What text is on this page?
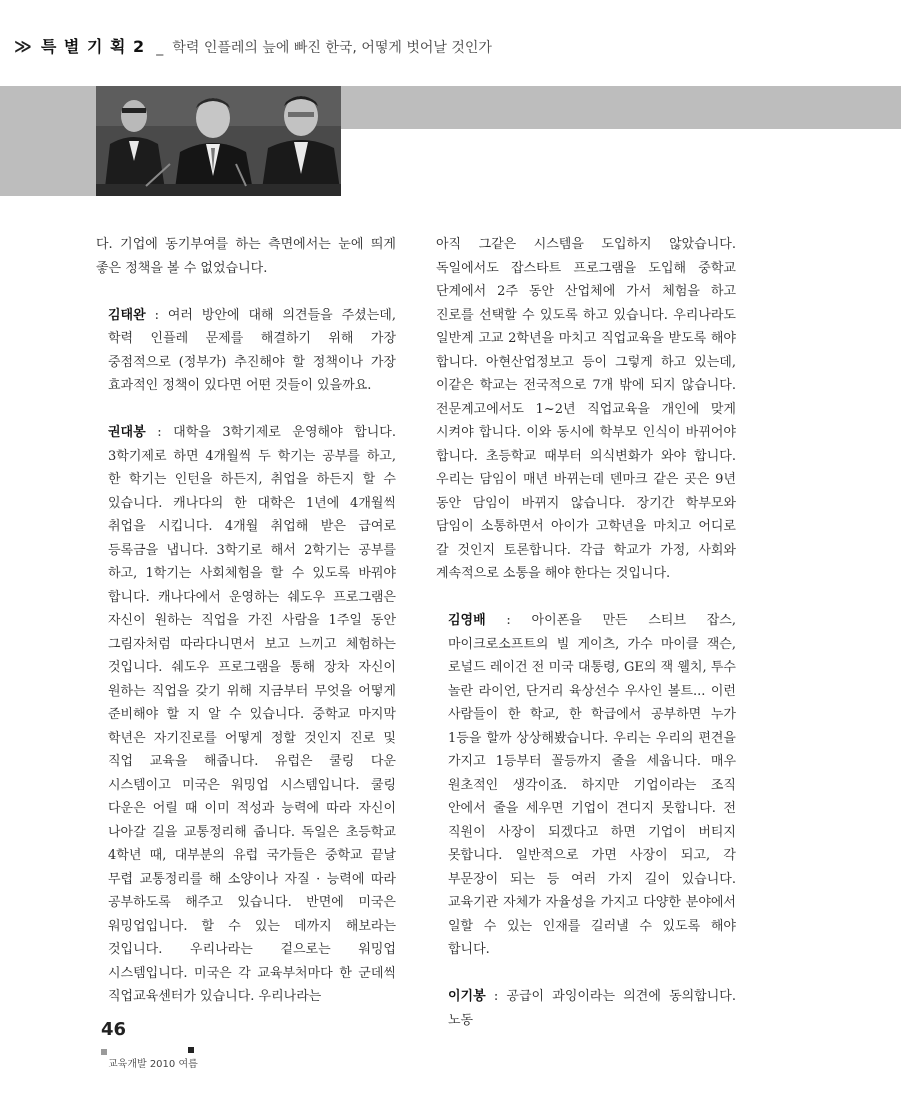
≫ 특 별 기 획 2 _ 학력 인플레의 늪에 빠진 한국, 어떻게 벗어날 것인가

다. 기업에 동기부여를 하는 측면에서는 눈에 띄게 좋은 정책을 볼 수 없었습니다.

김태완 : 여러 방안에 대해 의견들을 주셨는데, 학력 인플레 문제를 해결하기 위해 가장 중점적으로 (정부가) 추진해야 할 정책이나 가장 효과적인 정책이 있다면 어떤 것들이 있을까요.

권대봉 : 대학을 3학기제로 운영해야 합니다. 3학기제로 하면 4개월씩 두 학기는 공부를 하고, 한 학기는 인턴을 하든지, 취업을 하든지 할 수 있습니다. 캐나다의 한 대학은 1년에 4개월씩 취업을 시킵니다. 4개월 취업해 받은 급여로 등록금을 냅니다. 3학기로 해서 2학기는 공부를 하고, 1학기는 사회체험을 할 수 있도록 바꿔야 합니다. 캐나다에서 운영하는 쉐도우 프로그램은 자신이 원하는 직업을 가진 사람을 1주일 동안 그림자처럼 따라다니면서 보고 느끼고 체험하는 것입니다. 쉐도우 프로그램을 통해 장차 자신이 원하는 직업을 갖기 위해 지금부터 무엇을 어떻게 준비해야 할 지 알 수 있습니다. 중학교 마지막 학년은 자기진로를 어떻게 정할 것인지 진로 및 직업 교육을 해줍니다. 유럽은 쿨링 다운 시스템이고 미국은 워밍업 시스템입니다. 쿨링 다운은 어릴 때 이미 적성과 능력에 따라 자신이 나아갈 길을 교통정리해 줍니다. 독일은 초등학교 4학년 때, 대부분의 유럽 국가들은 중학교 끝날 무렵 교통정리를 해 소양이나 자질 · 능력에 따라 공부하도록 해주고 있습니다. 반면에 미국은 워밍업입니다. 할 수 있는 데까지 해보라는 것입니다. 우리나라는 겉으로는 워밍업 시스템입니다. 미국은 각 교육부처마다 한 군데씩 직업교육센터가 있습니다. 우리나라는

아직 그같은 시스템을 도입하지 않았습니다. 독일에서도 잡스타트 프로그램을 도입해 중학교 단계에서 2주 동안 산업체에 가서 체험을 하고 진로를 선택할 수 있도록 하고 있습니다. 우리나라도 일반계 고교 2학년을 마치고 직업교육을 받도록 해야 합니다. 아현산업정보고 등이 그렇게 하고 있는데, 이같은 학교는 전국적으로 7개 밖에 되지 않습니다. 전문계고에서도 1~2년 직업교육을 개인에 맞게 시켜야 합니다. 이와 동시에 학부모 인식이 바뀌어야 합니다. 초등학교 때부터 의식변화가 와야 합니다. 우리는 담임이 매년 바뀌는데 덴마크 같은 곳은 9년 동안 담임이 바뀌지 않습니다. 장기간 학부모와 담임이 소통하면서 아이가 고학년을 마치고 어디로 갈 것인지 토론합니다. 각급 학교가 가정, 사회와 계속적으로 소통을 해야 한다는 것입니다.

김영배 : 아이폰을 만든 스티브 잡스, 마이크로소프트의 빌 게이츠, 가수 마이클 잭슨, 로널드 레이건 전 미국 대통령, GE의 잭 웰치, 투수 놀란 라이언, 단거리 육상선수 우사인 볼트... 이런 사람들이 한 학교, 한 학급에서 공부하면 누가 1등을 할까 상상해봤습니다. 우리는 우리의 편견을 가지고 1등부터 꼴등까지 줄을 세웁니다. 매우 원초적인 생각이죠. 하지만 기업이라는 조직 안에서 줄을 세우면 기업이 견디지 못합니다. 전 직원이 사장이 되겠다고 하면 기업이 버티지 못합니다. 일반적으로 가면 사장이 되고, 각 부문장이 되는 등 여러 가지 길이 있습니다. 교육기관 자체가 자율성을 가지고 다양한 분야에서 일할 수 있는 인재를 길러낼 수 있도록 해야 합니다.

이기봉 : 공급이 과잉이라는 의견에 동의합니다. 노동

46
교육개발 2010 여름
